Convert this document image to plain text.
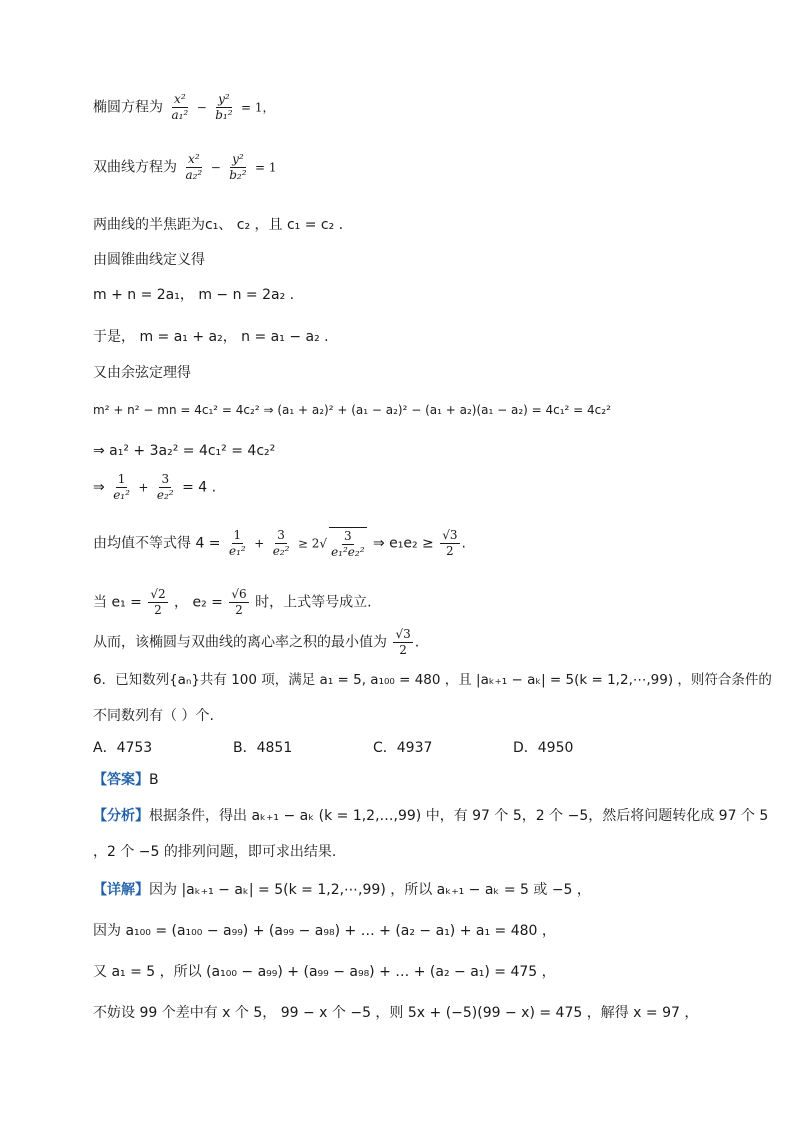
椭圆方程为 $\frac{\text{x²}}{\text{a₁²}} - \frac{\text{y²}}{\text{b₁²}} = 1$，
双曲线方程为 $\frac{\text{x²}}{\text{a₂²}} - \frac{\text{y²}}{\text{b₂²}} = 1$
两曲线的半焦距为c₁、 c₂ ，且 c₁ = c₂ .
由圆锥曲线定义得
m + n = 2a₁， m − n = 2a₂ .
于是， m = a₁ + a₂， n = a₁ − a₂ .
又由余弦定理得
m² + n² − mn = 4c₁² = 4c₂² ⇒ (a₁ + a₂)² + (a₁ − a₂)² − (a₁ + a₂)(a₁ − a₂) = 4c₁² = 4c₂²
⇒ a₁² + 3a₂² = 4c₁² = 4c₂²
⇒ $\frac{1}{\text{e₁²}} + \frac{3}{\text{e₂²}} = 4$ .
由均值不等式得 $4 = \frac{1}{\text{e₁²}} + \frac{3}{\text{e₂²}} \ge 2√ \frac{3}{\text{e₁²e₂²}}$ ⇒ $e_1e_2 \ge \frac{√3}{2}$ .
当 $e_1 = \frac{√2}{2}$ ， $e_2 = \frac{√6}{2}$ 时，上式等号成立.
从而，该椭圆与双曲线的离心率之积的最小值为 $\frac{√3}{2}$ .
6．已知数列{aₙ}共有 100 项，满足 a₁ = 5, a₁₀₀ = 480 ，且 |aₖ₊₁ − aₖ| = 5(k = 1,2,⋯,99) ，则符合条件的
不同数列有（ ）个.
A．4753	B．4851	C．4937	D．4950
【答案】B
【分析】根据条件，得出 aₖ₊₁ − aₖ (k = 1,2,…,99) 中，有 97 个 5，2 个 −5，然后将问题转化成 97 个 5
，2 个 −5 的排列问题，即可求出结果.
【详解】因为 |aₖ₊₁ − aₖ| = 5(k = 1,2,⋯,99) ，所以 aₖ₊₁ − aₖ = 5 或 −5 ，
因为 a₁₀₀ = (a₁₀₀ − a₉₉) + (a₉₉ − a₉₈) + … + (a₂ − a₁) + a₁ = 480 ，
又 a₁ = 5 ，所以 (a₁₀₀ − a₉₉) + (a₉₉ − a₉₈) + … + (a₂ − a₁) = 475 ，
不妨设 99 个差中有 x 个 5， 99 − x 个 −5 ，则 5x + (−5)(99 − x) = 475 ，解得 x = 97 ，
